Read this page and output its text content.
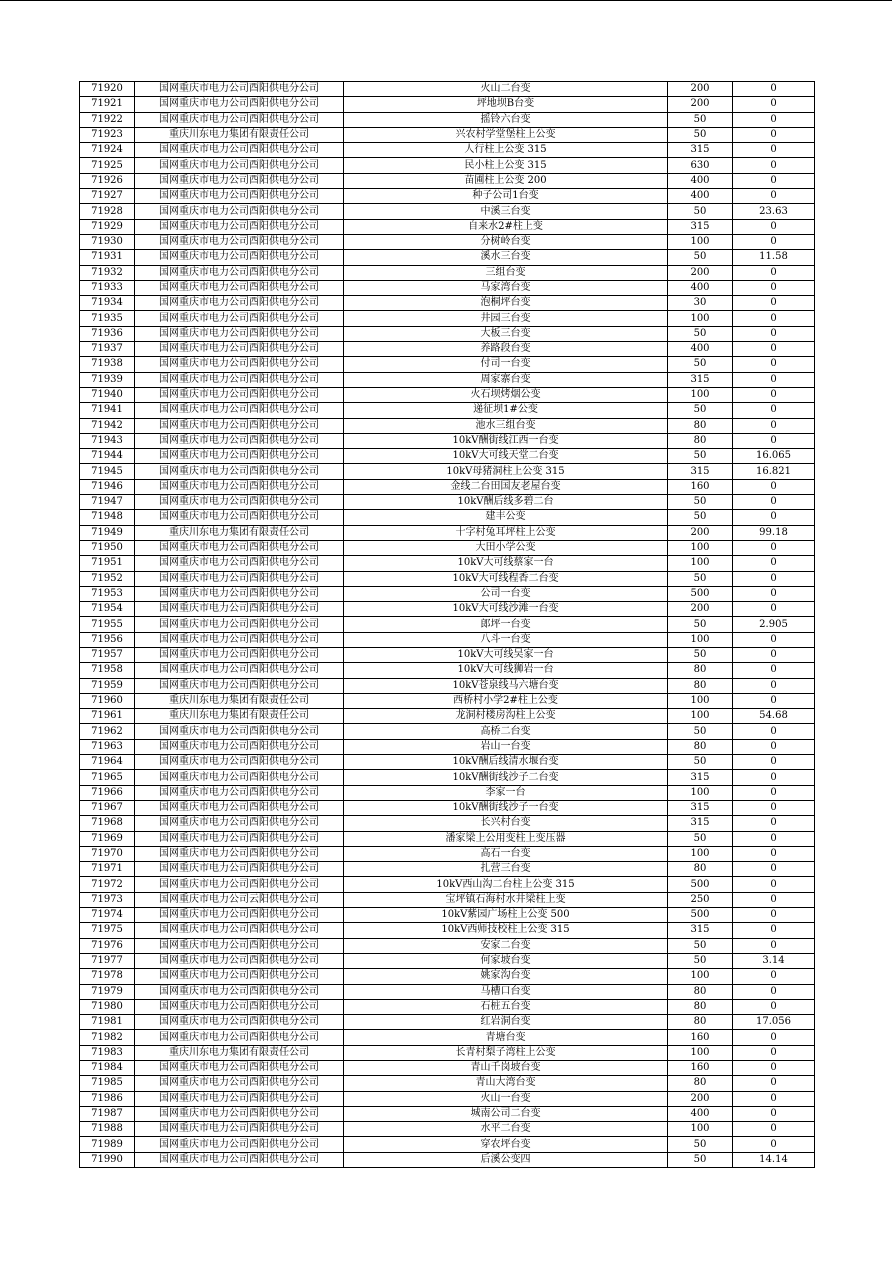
71920	国网重庆市电力公司酉阳供电分公司	火山二台变	200	0
71921	国网重庆市电力公司酉阳供电分公司	坪地坝B台变	200	0
71922	国网重庆市电力公司酉阳供电分公司	摇铃六台变	50	0
71923	重庆川东电力集团有限责任公司	兴农村学堂堡柱上公变	50	0
71924	国网重庆市电力公司酉阳供电分公司	人行柱上公变 315	315	0
71925	国网重庆市电力公司酉阳供电分公司	民小柱上公变 315	630	0
71926	国网重庆市电力公司酉阳供电分公司	苗圃柱上公变 200	400	0
71927	国网重庆市电力公司酉阳供电分公司	种子公司1台变	400	0
71928	国网重庆市电力公司酉阳供电分公司	中溪三台变	50	23.63
71929	国网重庆市电力公司酉阳供电分公司	自来水2#柱上变	315	0
71930	国网重庆市电力公司酉阳供电分公司	分树岭台变	100	0
71931	国网重庆市电力公司酉阳供电分公司	溪水三台变	50	11.58
71932	国网重庆市电力公司酉阳供电分公司	三组台变	200	0
71933	国网重庆市电力公司酉阳供电分公司	马家湾台变	400	0
71934	国网重庆市电力公司酉阳供电分公司	泡桐坪台变	30	0
71935	国网重庆市电力公司酉阳供电分公司	井园三台变	100	0
71936	国网重庆市电力公司酉阳供电分公司	大板三台变	50	0
71937	国网重庆市电力公司酉阳供电分公司	养路段台变	400	0
71938	国网重庆市电力公司酉阳供电分公司	付司一台变	50	0
71939	国网重庆市电力公司酉阳供电分公司	周家寨台变	315	0
71940	国网重庆市电力公司酉阳供电分公司	火石坝烤烟公变	100	0
71941	国网重庆市电力公司酉阳供电分公司	递征坝1#公变	50	0
71942	国网重庆市电力公司酉阳供电分公司	池水三组台变	80	0
71943	国网重庆市电力公司酉阳供电分公司	10kV酬街线江西一台变	80	0
71944	国网重庆市电力公司酉阳供电分公司	10kV大可线天堂二台变	50	16.065
71945	国网重庆市电力公司酉阳供电分公司	10kV母猪洞柱上公变 315	315	16.821
71946	国网重庆市电力公司酉阳供电分公司	金线二台田国友老屋台变	160	0
71947	国网重庆市电力公司酉阳供电分公司	10kV酬后线多碧二台	50	0
71948	国网重庆市电力公司酉阳供电分公司	建丰公变	50	0
71949	重庆川东电力集团有限责任公司	十字村兔耳坪柱上公变	200	99.18
71950	国网重庆市电力公司酉阳供电分公司	大田小学公变	100	0
71951	国网重庆市电力公司酉阳供电分公司	10kV大可线蔡家一台	100	0
71952	国网重庆市电力公司酉阳供电分公司	10kV大可线程香二台变	50	0
71953	国网重庆市电力公司酉阳供电分公司	公司一台变	500	0
71954	国网重庆市电力公司酉阳供电分公司	10kV大可线沙滩一台变	200	0
71955	国网重庆市电力公司酉阳供电分公司	郎坪一台变	50	2.905
71956	国网重庆市电力公司酉阳供电分公司	八斗一台变	100	0
71957	国网重庆市电力公司酉阳供电分公司	10kV大可线吴家一台	50	0
71958	国网重庆市电力公司酉阳供电分公司	10kV大可线狮岩一台	80	0
71959	国网重庆市电力公司酉阳供电分公司	10kV苍泉线马六塘台变	80	0
71960	重庆川东电力集团有限责任公司	西桥村小学2#柱上公变	100	0
71961	重庆川东电力集团有限责任公司	龙洞村楼房沟柱上公变	100	54.68
71962	国网重庆市电力公司酉阳供电分公司	高桥二台变	50	0
71963	国网重庆市电力公司酉阳供电分公司	岩山一台变	80	0
71964	国网重庆市电力公司酉阳供电分公司	10kV酬后线清水堰台变	50	0
71965	国网重庆市电力公司酉阳供电分公司	10kV酬街线沙子二台变	315	0
71966	国网重庆市电力公司酉阳供电分公司	李家一台	100	0
71967	国网重庆市电力公司酉阳供电分公司	10kV酬街线沙子一台变	315	0
71968	国网重庆市电力公司酉阳供电分公司	长兴村台变	315	0
71969	国网重庆市电力公司酉阳供电分公司	潘家梁上公用变柱上变压器	50	0
71970	国网重庆市电力公司酉阳供电分公司	高石一台变	100	0
71971	国网重庆市电力公司酉阳供电分公司	扎营三台变	80	0
71972	国网重庆市电力公司酉阳供电分公司	10kV西山沟二台柱上公变 315	500	0
71973	国网重庆市电力公司云阳供电分公司	宝坪镇石海村水井梁柱上变	250	0
71974	国网重庆市电力公司酉阳供电分公司	10kV紫园广场柱上公变 500	500	0
71975	国网重庆市电力公司酉阳供电分公司	10kV西师技校柱上公变 315	315	0
71976	国网重庆市电力公司酉阳供电分公司	安家二台变	50	0
71977	国网重庆市电力公司酉阳供电分公司	何家坡台变	50	3.14
71978	国网重庆市电力公司酉阳供电分公司	姚家沟台变	100	0
71979	国网重庆市电力公司酉阳供电分公司	马槽口台变	80	0
71980	国网重庆市电力公司酉阳供电分公司	石桩五台变	80	0
71981	国网重庆市电力公司酉阳供电分公司	红岩洞台变	80	17.056
71982	国网重庆市电力公司酉阳供电分公司	青塘台变	160	0
71983	重庆川东电力集团有限责任公司	长青村梨子湾柱上公变	100	0
71984	国网重庆市电力公司酉阳供电分公司	青山千岗坡台变	160	0
71985	国网重庆市电力公司酉阳供电分公司	青山大湾台变	80	0
71986	国网重庆市电力公司酉阳供电分公司	火山一台变	200	0
71987	国网重庆市电力公司酉阳供电分公司	城南公司二台变	400	0
71988	国网重庆市电力公司酉阳供电分公司	水平二台变	100	0
71989	国网重庆市电力公司酉阳供电分公司	穿农坪台变	50	0
71990	国网重庆市电力公司酉阳供电分公司	后溪公变四	50	14.14
